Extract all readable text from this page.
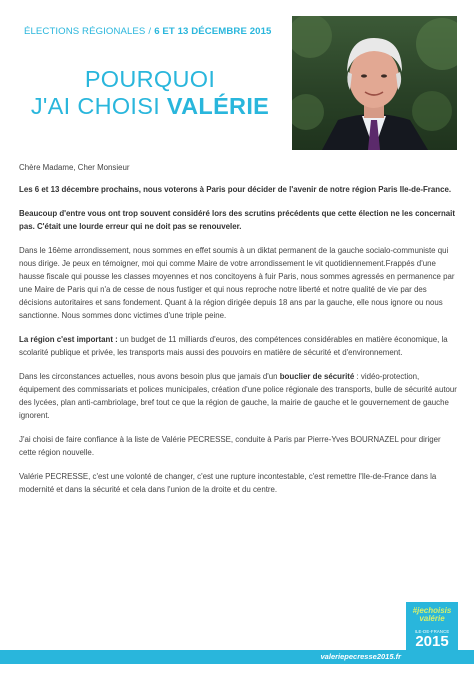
ÉLECTIONS RÉGIONALES / 6 ET 13 DÉCEMBRE 2015
POURQUOI
J'AI CHOISI VALÉRIE

Chère Madame, Cher Monsieur

Les 6 et 13 décembre prochains, nous voterons à Paris pour décider de l'avenir de notre région Paris Ile-de-France.

Beaucoup d'entre vous ont trop souvent considéré lors des scrutins précédents que cette élection ne les concernait pas. C'était une lourde erreur qui ne doit pas se renouveler.

Dans le 16ème arrondissement, nous sommes en effet soumis à un diktat permanent de la gauche socialo-communiste qui nous dirige. Je peux en témoigner, moi qui comme Maire de votre arrondissement le vit quotidiennement.Frappés d'une hausse fiscale qui pousse les classes moyennes et nos concitoyens à fuir Paris, nous sommes agressés en permanence par une Maire de Paris qui n'a de cesse de nous fustiger et qui nous reproche notre liberté et notre qualité de vie par des décisions autoritaires et sans fondement. Quant à la région dirigée depuis 18 ans par la gauche, elle nous ignore ou nous sanctionne. Nous sommes donc victimes d'une triple peine.

La région c'est important : un budget de 11 milliards d'euros, des compétences considérables en matière économique, la scolarité publique et privée, les transports mais aussi des pouvoirs en matière de sécurité et d'environnement.

Dans les circonstances actuelles, nous avons besoin plus que jamais d'un bouclier de sécurité : vidéo-protection, équipement des commissariats et polices municipales, création d'une police régionale des transports, bulle de sécurité autour des lycées, plan anti-cambriolage, bref tout ce que la région de gauche, la mairie de gauche et le gouvernement de gauche ignorent.

J'ai choisi de faire confiance à la liste de Valérie PECRESSE, conduite à Paris par Pierre-Yves BOURNAZEL pour diriger cette région nouvelle.

Valérie PECRESSE, c'est une volonté de changer, c'est une rupture incontestable, c'est remettre l'Ile-de-France dans la modernité et dans la sécurité et cela dans l'union de la droite et du centre.

#jechoisis valérie
ILE-DE-FRANCE
2015
valeriepecresse2015.fr
